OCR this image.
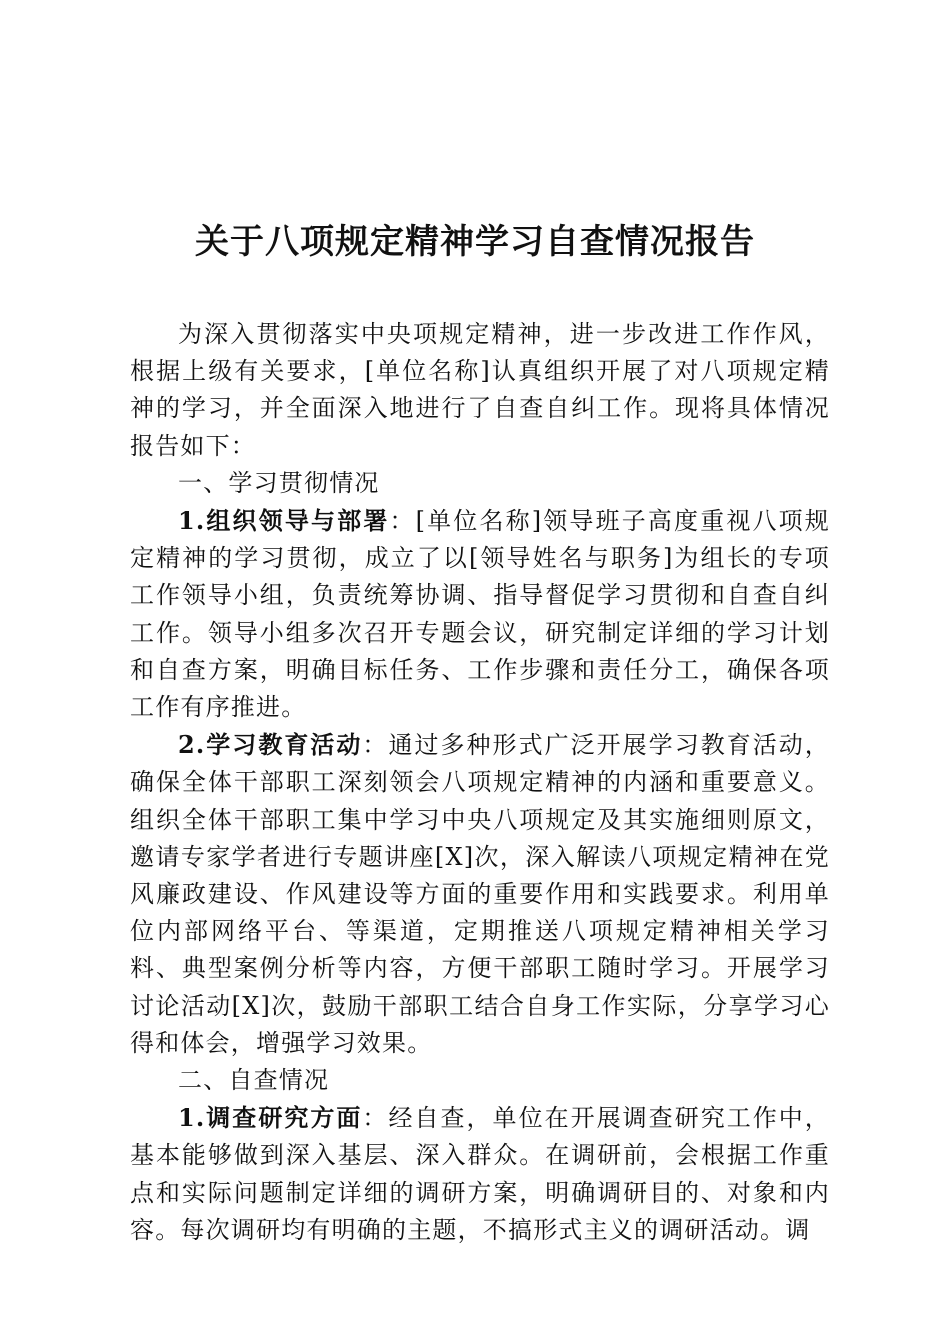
关于八项规定精神学习自查情况报告

为深入贯彻落实中央项规定精神，进一步改进工作作风，根据上级有关要求，[单位名称]认真组织开展了对八项规定精神的学习，并全面深入地进行了自查自纠工作。现将具体情况报告如下：

一、学习贯彻情况

1.组织领导与部署：[单位名称]领导班子高度重视八项规定精神的学习贯彻，成立了以[领导姓名与职务]为组长的专项工作领导小组，负责统筹协调、指导督促学习贯彻和自查自纠工作。领导小组多次召开专题会议，研究制定详细的学习计划和自查方案，明确目标任务、工作步骤和责任分工，确保各项工作有序推进。

2.学习教育活动：通过多种形式广泛开展学习教育活动，确保全体干部职工深刻领会八项规定精神的内涵和重要意义。组织全体干部职工集中学习中央八项规定及其实施细则原文，邀请专家学者进行专题讲座[X]次，深入解读八项规定精神在党风廉政建设、作风建设等方面的重要作用和实践要求。利用单位内部网络平台、等渠道，定期推送八项规定精神相关学习料、典型案例分析等内容，方便干部职工随时学习。开展学习讨论活动[X]次，鼓励干部职工结合自身工作实际，分享学习心得和体会，增强学习效果。

二、自查情况

1.调查研究方面：经自查，单位在开展调查研究工作中，基本能够做到深入基层、深入群众。在调研前，会根据工作重点和实际问题制定详细的调研方案，明确调研目的、对象和内容。每次调研均有明确的主题，不搞形式主义的调研活动。调
